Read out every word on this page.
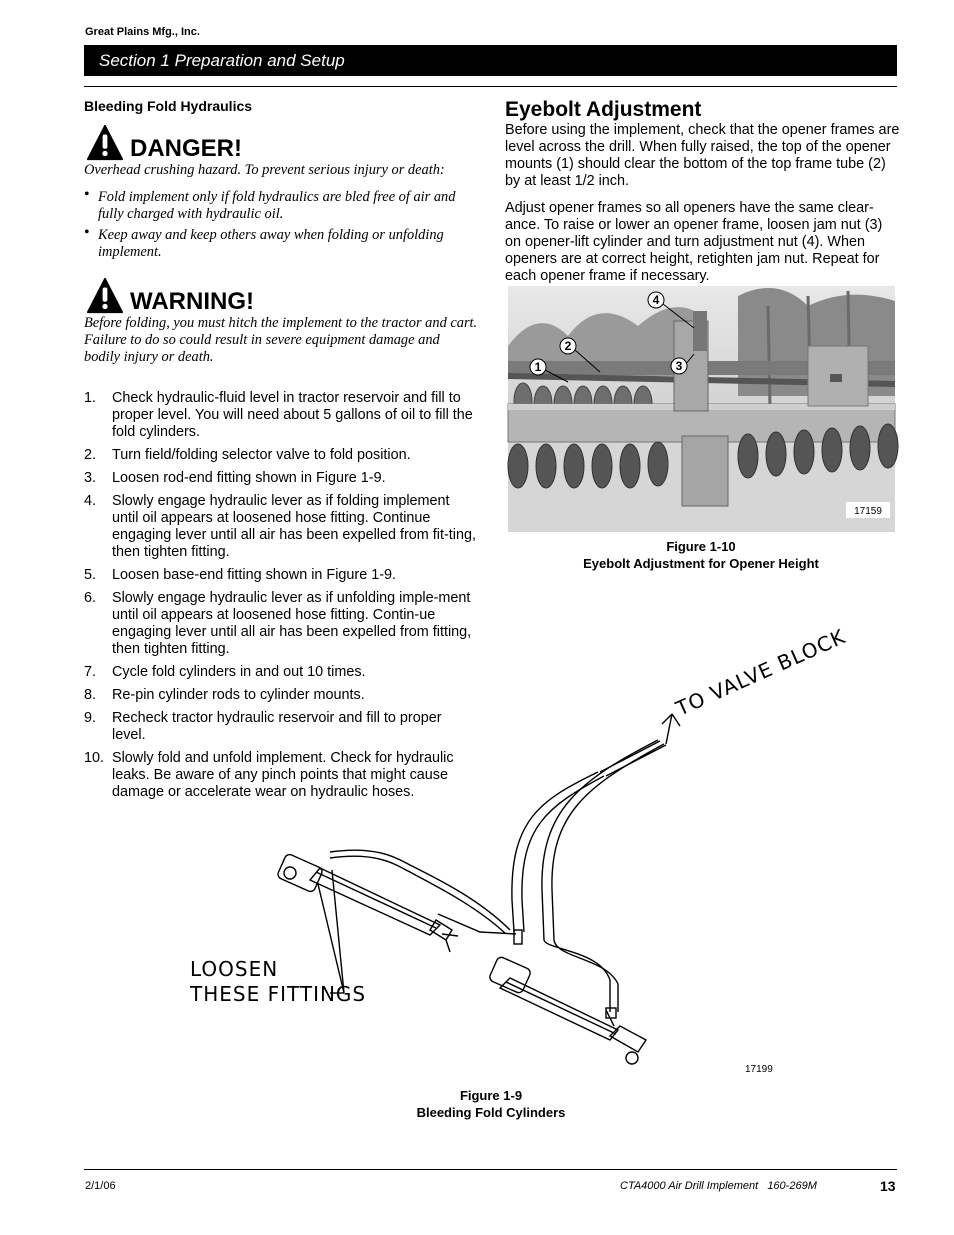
Great Plains Mfg., Inc.
Section 1 Preparation and Setup
Bleeding Fold Hydraulics
DANGER!
Overhead crushing hazard. To prevent serious injury or death:
• Fold implement only if fold hydraulics are bled free of air and fully charged with hydraulic oil.
• Keep away and keep others away when folding or unfolding implement.
WARNING!
Before folding, you must hitch the implement to the tractor and cart. Failure to do so could result in severe equipment damage and bodily injury or death.
1. Check hydraulic-fluid level in tractor reservoir and fill to proper level. You will need about 5 gallons of oil to fill the fold cylinders.
2. Turn field/folding selector valve to fold position.
3. Loosen rod-end fitting shown in Figure 1-9.
4. Slowly engage hydraulic lever as if folding implement until oil appears at loosened hose fitting. Continue engaging lever until all air has been expelled from fit-ting, then tighten fitting.
5. Loosen base-end fitting shown in Figure 1-9.
6. Slowly engage hydraulic lever as if unfolding imple-ment until oil appears at loosened hose fitting. Contin-ue engaging lever until all air has been expelled from fitting, then tighten fitting.
7. Cycle fold cylinders in and out 10 times.
8. Re-pin cylinder rods to cylinder mounts.
9. Recheck tractor hydraulic reservoir and fill to proper level.
10. Slowly fold and unfold implement. Check for hydraulic leaks. Be aware of any pinch points that might cause damage or accelerate wear on hydraulic hoses.
Eyebolt Adjustment

Before using the implement, check that the opener frames are level across the drill. When fully raised, the top of the opener mounts (1) should clear the bottom of the top frame tube (2) by at least 1/2 inch.

Adjust opener frames so all openers have the same clear-ance. To raise or lower an opener frame, loosen jam nut (3) on opener-lift cylinder and turn adjustment nut (4). When openers are at correct height, retighten jam nut. Repeat for each opener frame if necessary.

4
2
1	3
17159
Figure 1-10
Eyebolt Adjustment for Opener Height
TO VALVE BLOCK
LOOSEN
THESE FITTINGS
17199
Figure 1-9
Bleeding Fold Cylinders
2/1/06	CTA4000 Air Drill Implement   160-269M	13
